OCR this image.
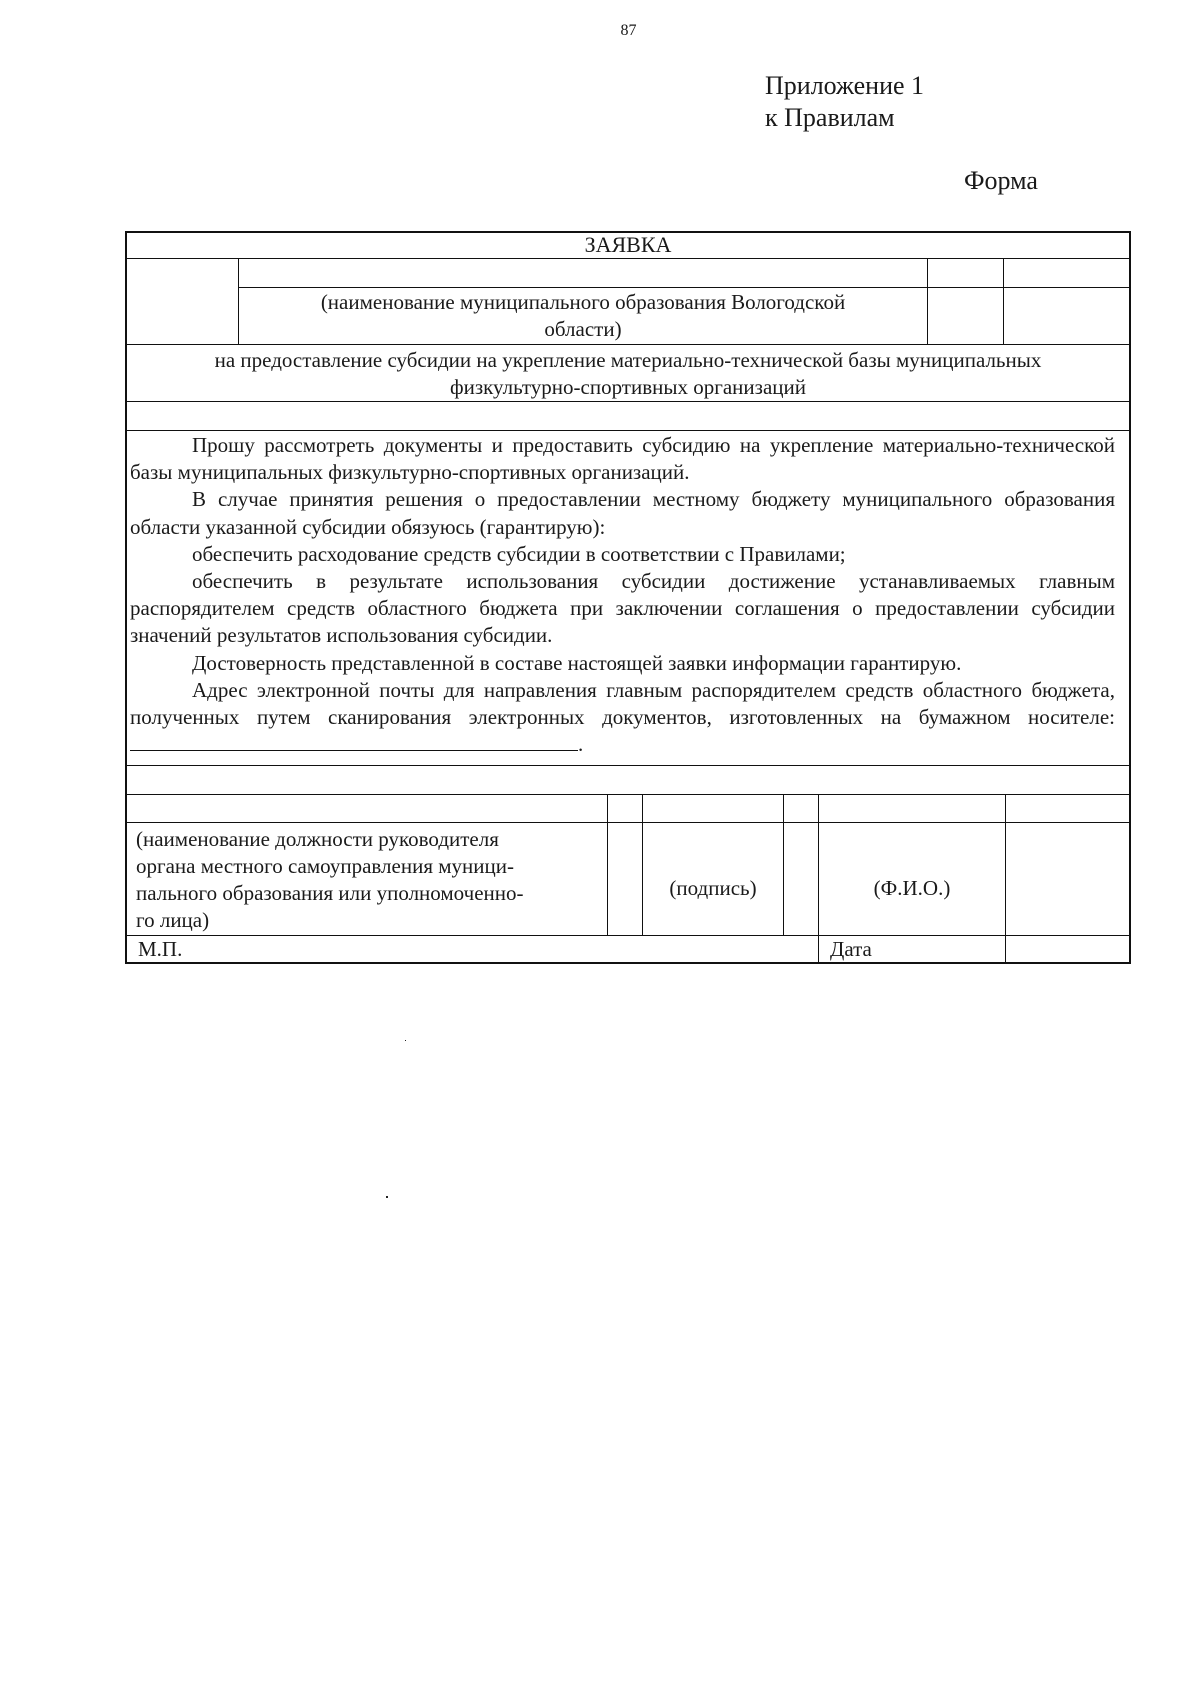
87
Приложение 1
к Правилам
Форма
ЗАЯВКА
(наименование муниципального образования Вологодской
области)
на предоставление субсидии на укрепление материально-технической базы муниципальных
физкультурно-спортивных организаций

Прошу рассмотреть документы и предоставить субсидию на укрепление материально-технической базы муниципальных физкультурно-спортивных организаций.

В случае принятия решения о предоставлении местному бюджету муниципального образования области указанной субсидии обязуюсь (гарантирую):

обеспечить расходование средств субсидии в соответствии с Правилами;

обеспечить в результате использования субсидии достижение устанавливаемых главным распорядителем средств областного бюджета при заключении соглашения о предоставлении субсидии значений результатов использования субсидии.

Достоверность представленной в составе настоящей заявки информации гарантирую.

Адрес электронной почты для направления главным распорядителем средств областного бюджета, полученных путем сканирования электронных документов, изготовленных на бумажном носителе: .

(наименование должности руководителя
органа местного самоуправления муници-
пального образования или уполномоченно-
го лица)
(подпись)	(Ф.И.О.)
М.П.	Дата
